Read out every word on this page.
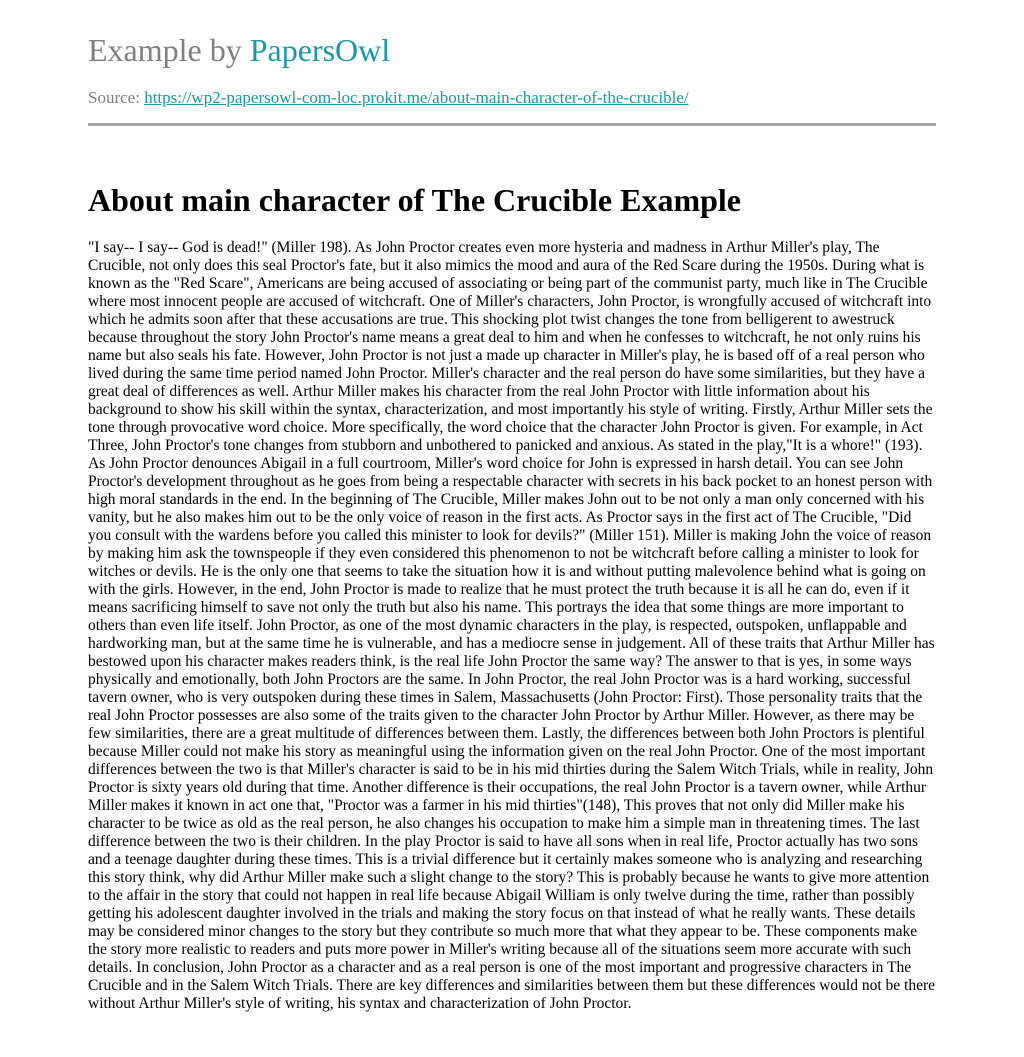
Example by PapersOwl
Source: https://wp2-papersowl-com-loc.prokit.me/about-main-character-of-the-crucible/
About main character of The Crucible Example

"I say-- I say-- God is dead!" (Miller 198). As John Proctor creates even more hysteria and madness in Arthur Miller's play, The Crucible, not only does this seal Proctor's fate, but it also mimics the mood and aura of the Red Scare during the 1950s. During what is known as the "Red Scare", Americans are being accused of associating or being part of the communist party, much like in The Crucible where most innocent people are accused of witchcraft. One of Miller's characters, John Proctor, is wrongfully accused of witchcraft into which he admits soon after that these accusations are true. This shocking plot twist changes the tone from belligerent to awestruck because throughout the story John Proctor's name means a great deal to him and when he confesses to witchcraft, he not only ruins his name but also seals his fate. However, John Proctor is not just a made up character in Miller's play, he is based off of a real person who lived during the same time period named John Proctor. Miller's character and the real person do have some similarities, but they have a great deal of differences as well. Arthur Miller makes his character from the real John Proctor with little information about his background to show his skill within the syntax, characterization, and most importantly his style of writing. Firstly, Arthur Miller sets the tone through provocative word choice. More specifically, the word choice that the character John Proctor is given. For example, in Act Three, John Proctor's tone changes from stubborn and unbothered to panicked and anxious. As stated in the play,"It is a whore!" (193). As John Proctor denounces Abigail in a full courtroom, Miller's word choice for John is expressed in harsh detail. You can see John Proctor's development throughout as he goes from being a respectable character with secrets in his back pocket to an honest person with high moral standards in the end. In the beginning of The Crucible, Miller makes John out to be not only a man only concerned with his vanity, but he also makes him out to be the only voice of reason in the first acts. As Proctor says in the first act of The Crucible, "Did you consult with the wardens before you called this minister to look for devils?" (Miller 151). Miller is making John the voice of reason by making him ask the townspeople if they even considered this phenomenon to not be witchcraft before calling a minister to look for witches or devils. He is the only one that seems to take the situation how it is and without putting malevolence behind what is going on with the girls. However, in the end, John Proctor is made to realize that he must protect the truth because it is all he can do, even if it means sacrificing himself to save not only the truth but also his name. This portrays the idea that some things are more important to others than even life itself. John Proctor, as one of the most dynamic characters in the play, is respected, outspoken, unflappable and hardworking man, but at the same time he is vulnerable, and has a mediocre sense in judgement. All of these traits that Arthur Miller has bestowed upon his character makes readers think, is the real life John Proctor the same way? The answer to that is yes, in some ways physically and emotionally, both John Proctors are the same. In John Proctor, the real John Proctor was is a hard working, successful tavern owner, who is very outspoken during these times in Salem, Massachusetts (John Proctor: First). Those personality traits that the real John Proctor possesses are also some of the traits given to the character John Proctor by Arthur Miller. However, as there may be few similarities, there are a great multitude of differences between them. Lastly, the differences between both John Proctors is plentiful because Miller could not make his story as meaningful using the information given on the real John Proctor. One of the most important differences between the two is that Miller's character is said to be in his mid thirties during the Salem Witch Trials, while in reality, John Proctor is sixty years old during that time. Another difference is their occupations, the real John Proctor is a tavern owner, while Arthur Miller makes it known in act one that, "Proctor was a farmer in his mid thirties"(148), This proves that not only did Miller make his character to be twice as old as the real person, he also changes his occupation to make him a simple man in threatening times. The last difference between the two is their children. In the play Proctor is said to have all sons when in real life, Proctor actually has two sons and a teenage daughter during these times. This is a trivial difference but it certainly makes someone who is analyzing and researching this story think, why did Arthur Miller make such a slight change to the story? This is probably because he wants to give more attention to the affair in the story that could not happen in real life because Abigail William is only twelve during the time, rather than possibly getting his adolescent daughter involved in the trials and making the story focus on that instead of what he really wants. These details may be considered minor changes to the story but they contribute so much more that what they appear to be. These components make the story more realistic to readers and puts more power in Miller's writing because all of the situations seem more accurate with such details. In conclusion, John Proctor as a character and as a real person is one of the most important and progressive characters in The Crucible and in the Salem Witch Trials. There are key differences and similarities between them but these differences would not be there without Arthur Miller's style of writing, his syntax and characterization of John Proctor.
